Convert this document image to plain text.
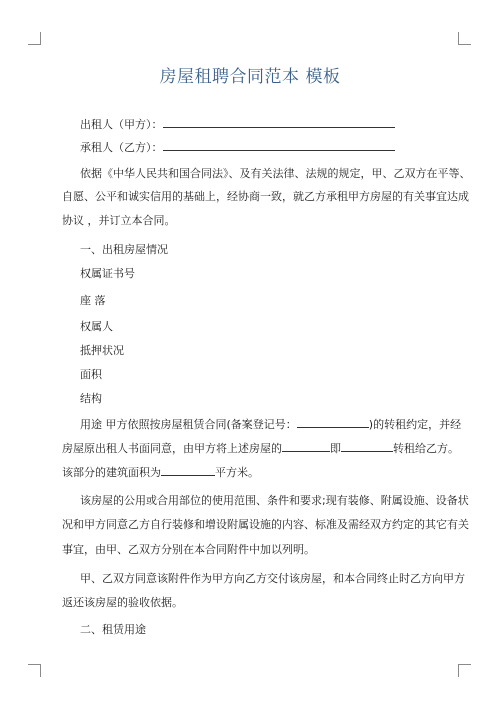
房屋租聘合同范本 模板
出租人（甲方）：
承租人（乙方）：
依据《中华人民共和国合同法》、及有关法律、法规的规定，甲、乙双方在平等、
自愿、公平和诚实信用的基础上，经协商一致，就乙方承租甲方房屋的有关事宜达成
协议 ，并订立本合同。
一、出租房屋情况
权属证书号
座 落
权属人
抵押状况
面积
结构
用途 甲方依照按房屋租赁合同(备案登记号：	)的转租约定，并经
房屋原出租人书面同意，由甲方将上述房屋的	即	转租给乙方。
该部分的建筑面积为	平方米。
该房屋的公用或合用部位的使用范围、条件和要求;现有装修、附属设施、设备状
况和甲方同意乙方自行装修和增设附属设施的内容、标准及需经双方约定的其它有关
事宜，由甲、乙双方分别在本合同附件中加以列明。
甲、乙双方同意该附件作为甲方向乙方交付该房屋，和本合同终止时乙方向甲方
返还该房屋的验收依据。
二、租赁用途
